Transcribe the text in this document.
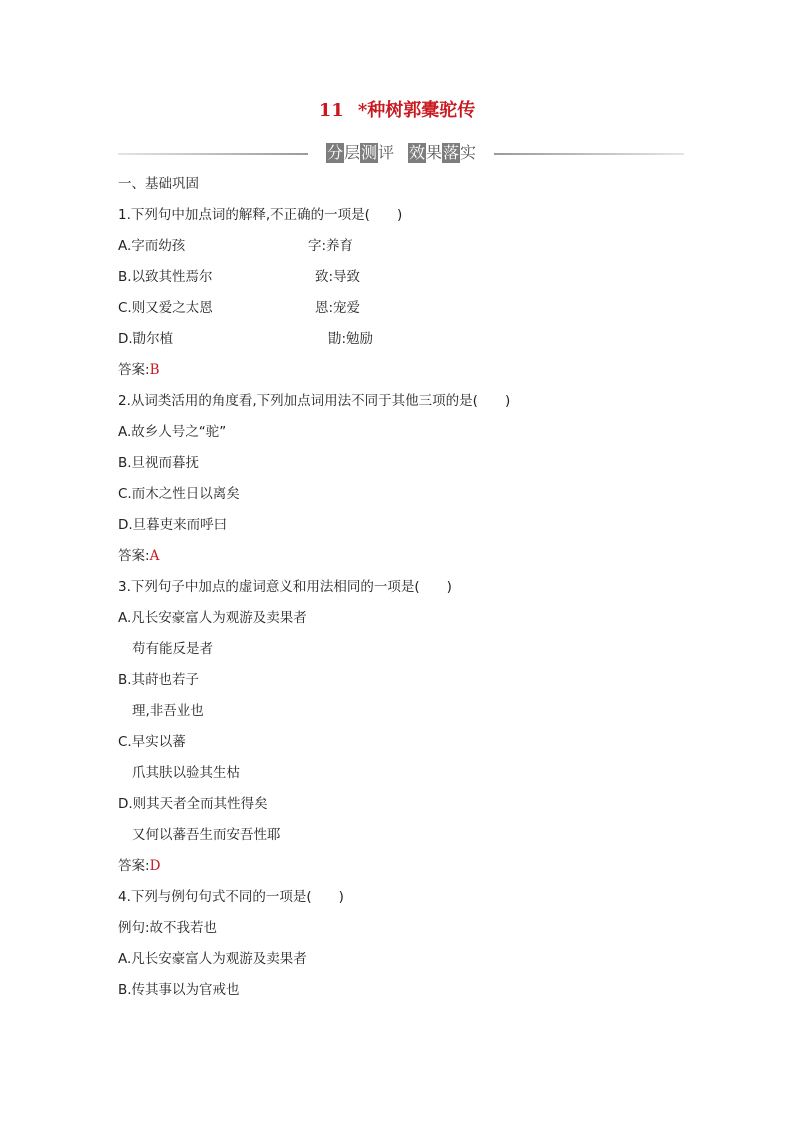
11 *种树郭橐驼传
分层测评 效果落实
一、基础巩固
1.下列句中加点词的解释,不正确的一项是(　　)
A.字而幼孩	字:养育
B.以致其性焉尔	致:导致
C.则又爱之太恩	恩:宠爱
D.勖尔植	勖:勉励
答案:B
2.从词类活用的角度看,下列加点词用法不同于其他三项的是(　　)
A.故乡人号之“驼”
B.旦视而暮抚
C.而木之性日以离矣
D.旦暮吏来而呼曰
答案:A
3.下列句子中加点的虚词意义和用法相同的一项是(　　)
A.凡长安豪富人为观游及卖果者
苟有能反是者
B.其莳也若子
理,非吾业也
C.早实以蕃
爪其肤以验其生枯
D.则其天者全而其性得矣
又何以蕃吾生而安吾性耶
答案:D
4.下列与例句句式不同的一项是(　　)
例句:故不我若也
A.凡长安豪富人为观游及卖果者
B.传其事以为官戒也
